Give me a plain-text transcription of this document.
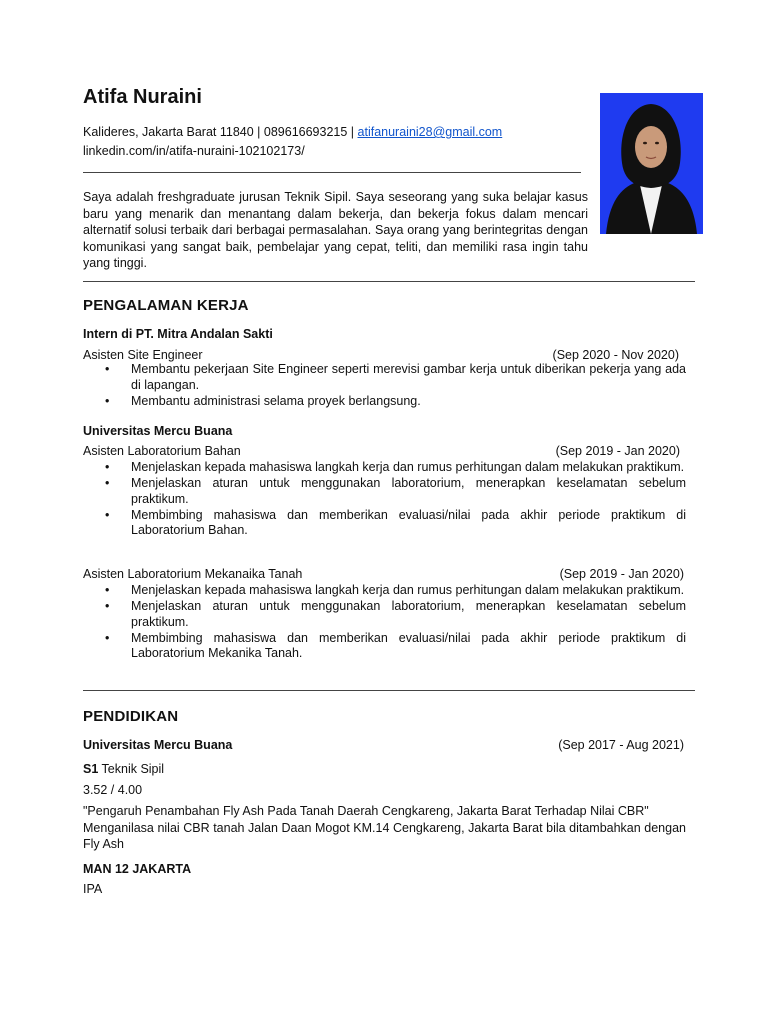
Atifa Nuraini
Kalideres, Jakarta Barat 11840 | 089616693215 | atifanuraini28@gmail.com
linkedin.com/in/atifa-nuraini-102102173/
Saya adalah freshgraduate jurusan Teknik Sipil. Saya seseorang yang suka belajar kasus baru yang menarik dan menantang dalam bekerja, dan bekerja fokus dalam mencari alternatif solusi terbaik dari berbagai permasalahan. Saya orang yang berintegritas dengan komunikasi yang sangat baik, pembelajar yang cepat, teliti, dan memiliki rasa ingin tahu yang tinggi.
PENGALAMAN KERJA
Intern di PT. Mitra Andalan Sakti
Asisten Site Engineer	(Sep 2020 - Nov 2020)
• Membantu pekerjaan Site Engineer seperti merevisi gambar kerja untuk diberikan pekerja yang ada di lapangan.
• Membantu administrasi selama proyek berlangsung.
Universitas Mercu Buana
Asisten Laboratorium Bahan	(Sep 2019 - Jan 2020)
• Menjelaskan kepada mahasiswa langkah kerja dan rumus perhitungan dalam melakukan praktikum.
• Menjelaskan aturan untuk menggunakan laboratorium, menerapkan keselamatan sebelum praktikum.
• Membimbing mahasiswa dan memberikan evaluasi/nilai pada akhir periode praktikum di Laboratorium Bahan.
Asisten Laboratorium Mekanaika Tanah	(Sep 2019 - Jan 2020)
• Menjelaskan kepada mahasiswa langkah kerja dan rumus perhitungan dalam melakukan praktikum.
• Menjelaskan aturan untuk menggunakan laboratorium, menerapkan keselamatan sebelum praktikum.
• Membimbing mahasiswa dan memberikan evaluasi/nilai pada akhir periode praktikum di Laboratorium Mekanika Tanah.
PENDIDIKAN
Universitas Mercu Buana	(Sep 2017 - Aug 2021)
S1 Teknik Sipil
3.52 / 4.00
"Pengaruh Penambahan Fly Ash Pada Tanah Daerah Cengkareng, Jakarta Barat Terhadap Nilai CBR"
Menganilasa nilai CBR tanah Jalan Daan Mogot KM.14 Cengkareng, Jakarta Barat bila ditambahkan dengan Fly Ash
MAN 12 JAKARTA
IPA
